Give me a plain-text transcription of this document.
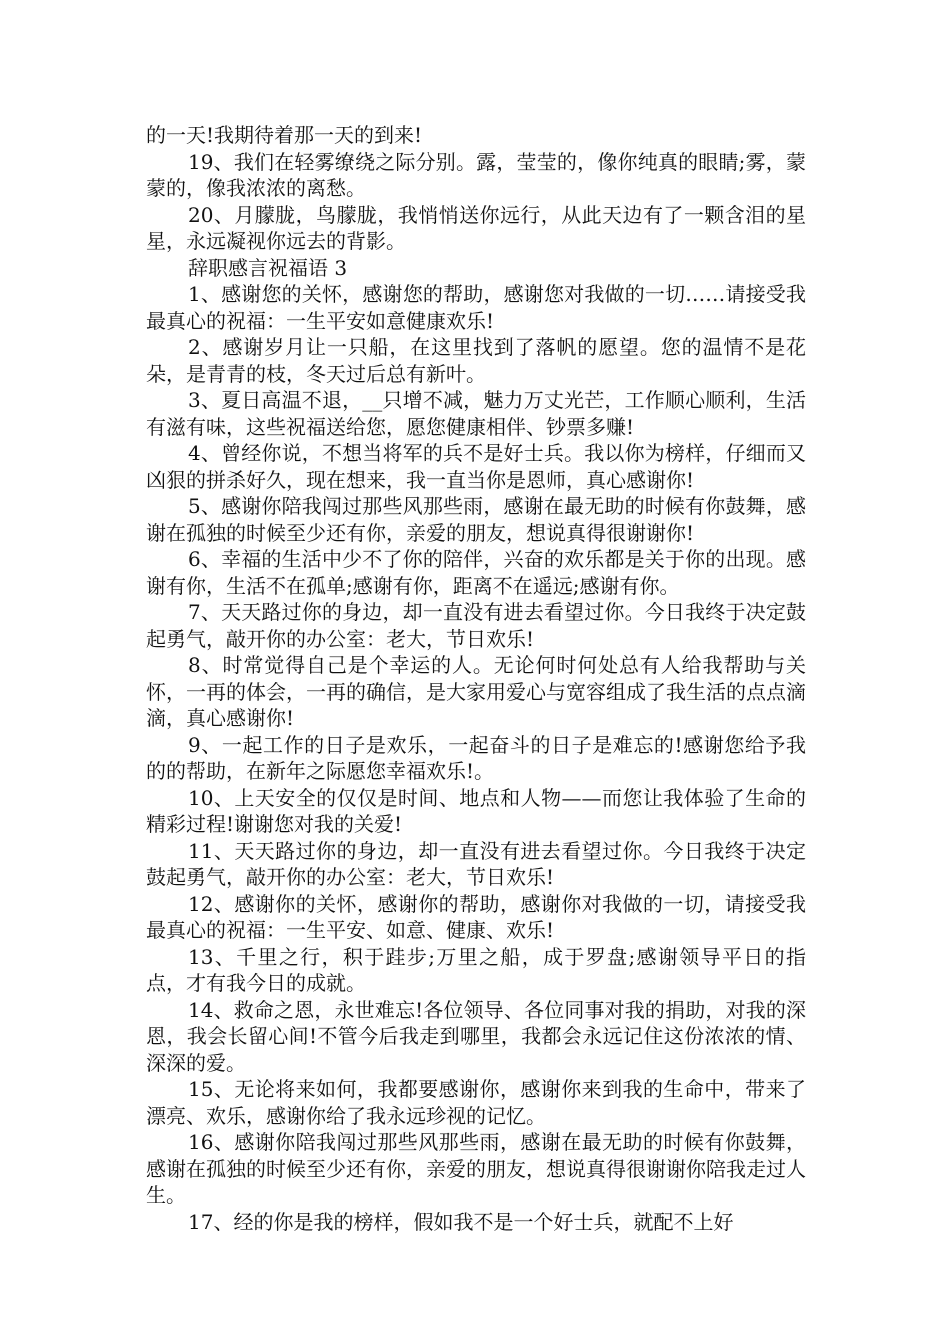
的一天!我期待着那一天的到来!

19、我们在轻雾缭绕之际分别。露，莹莹的，像你纯真的眼睛;雾，蒙蒙的，像我浓浓的离愁。

20、月朦胧，鸟朦胧，我悄悄送你远行，从此天边有了一颗含泪的星星，永远凝视你远去的背影。

辞职感言祝福语 3

1、感谢您的关怀，感谢您的帮助，感谢您对我做的一切……请接受我最真心的祝福：一生平安如意健康欢乐!

2、感谢岁月让一只船，在这里找到了落帆的愿望。您的温情不是花朵，是青青的枝，冬天过后总有新叶。

3、夏日高温不退，__只增不减，魅力万丈光芒，工作顺心顺利，生活有滋有味，这些祝福送给您，愿您健康相伴、钞票多赚!

4、曾经你说，不想当将军的兵不是好士兵。我以你为榜样，仔细而又凶狠的拼杀好久，现在想来，我一直当你是恩师，真心感谢你!

5、感谢你陪我闯过那些风那些雨，感谢在最无助的时候有你鼓舞，感谢在孤独的时候至少还有你，亲爱的朋友，想说真得很谢谢你!

6、幸福的生活中少不了你的陪伴，兴奋的欢乐都是关于你的出现。感谢有你，生活不在孤单;感谢有你，距离不在遥远;感谢有你。

7、天天路过你的身边，却一直没有进去看望过你。今日我终于决定鼓起勇气，敲开你的办公室：老大，节日欢乐!

8、时常觉得自己是个幸运的人。无论何时何处总有人给我帮助与关怀，一再的体会，一再的确信，是大家用爱心与宽容组成了我生活的点点滴滴，真心感谢你!

9、一起工作的日子是欢乐，一起奋斗的日子是难忘的!感谢您给予我的的帮助，在新年之际愿您幸福欢乐!。

10、上天安全的仅仅是时间、地点和人物——而您让我体验了生命的精彩过程!谢谢您对我的关爱!

11、天天路过你的身边，却一直没有进去看望过你。今日我终于决定鼓起勇气，敲开你的办公室：老大，节日欢乐!

12、感谢你的关怀，感谢你的帮助，感谢你对我做的一切，请接受我最真心的祝福：一生平安、如意、健康、欢乐!

13、千里之行，积于跬步;万里之船，成于罗盘;感谢领导平日的指点，才有我今日的成就。

14、救命之恩，永世难忘!各位领导、各位同事对我的捐助，对我的深恩，我会长留心间!不管今后我走到哪里，我都会永远记住这份浓浓的情、深深的爱。

15、无论将来如何，我都要感谢你，感谢你来到我的生命中，带来了漂亮、欢乐，感谢你给了我永远珍视的记忆。

16、感谢你陪我闯过那些风那些雨，感谢在最无助的时候有你鼓舞，感谢在孤独的时候至少还有你，亲爱的朋友，想说真得很谢谢你陪我走过人生。

17、经的你是我的榜样，假如我不是一个好士兵，就配不上好
